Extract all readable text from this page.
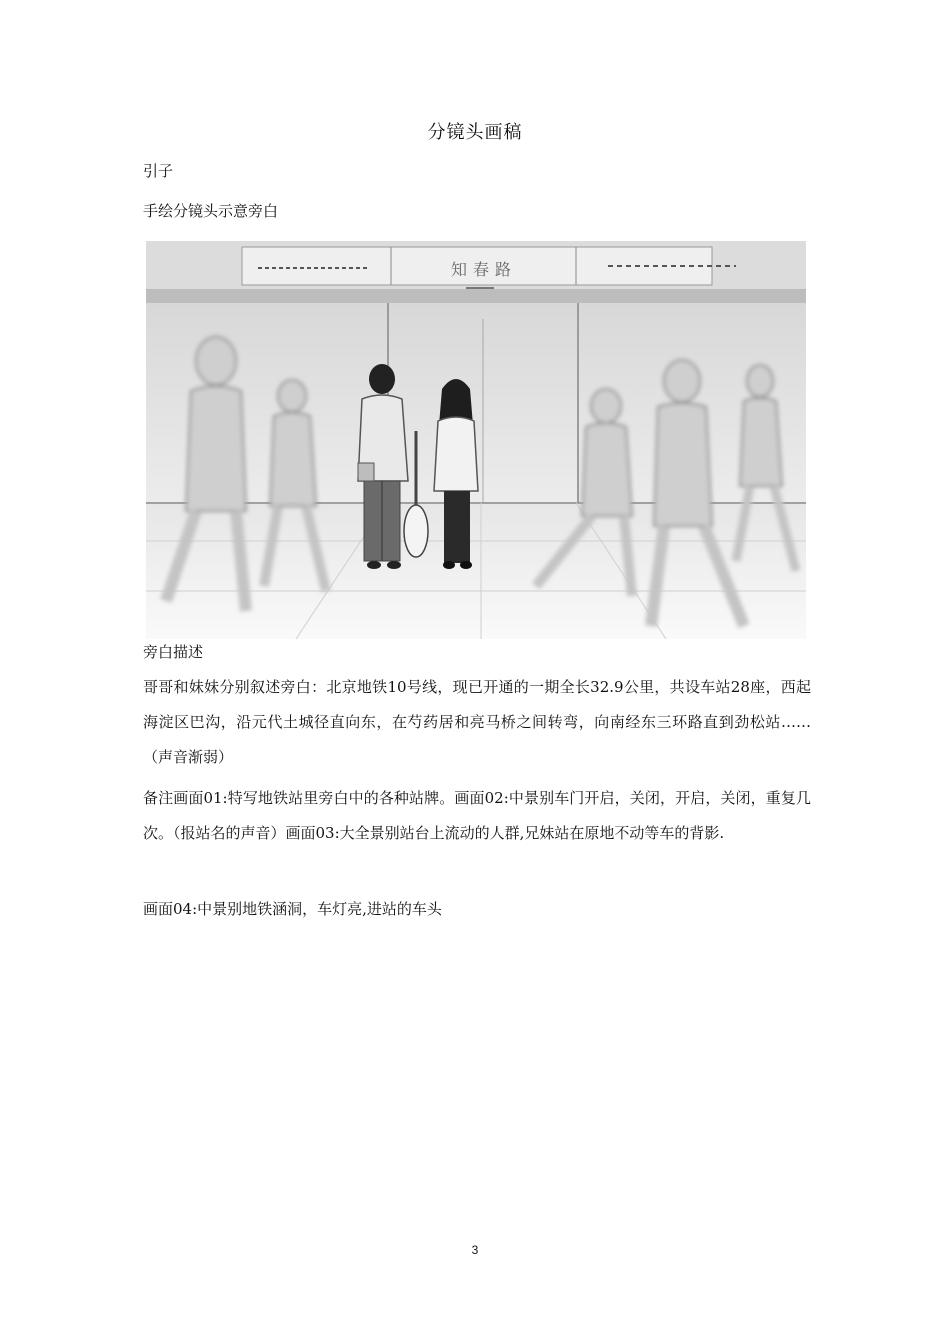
分镜头画稿
引子
手绘分镜头示意旁白
知春路
旁白描述
哥哥和妹妹分别叙述旁白：北京地铁10号线，现已开通的一期全长32.9公里，共设车站28座，西起海淀区巴沟，沿元代土城径直向东，在芍药居和亮马桥之间转弯，向南经东三环路直到劲松站……（声音渐弱）
备注画面01:特写地铁站里旁白中的各种站牌。画面02:中景别车门开启，关闭，开启，关闭，重复几次。（报站名的声音）画面03:大全景别站台上流动的人群,兄妹站在原地不动等车的背影.
画面04:中景别地铁涵洞，车灯亮,进站的车头
3
